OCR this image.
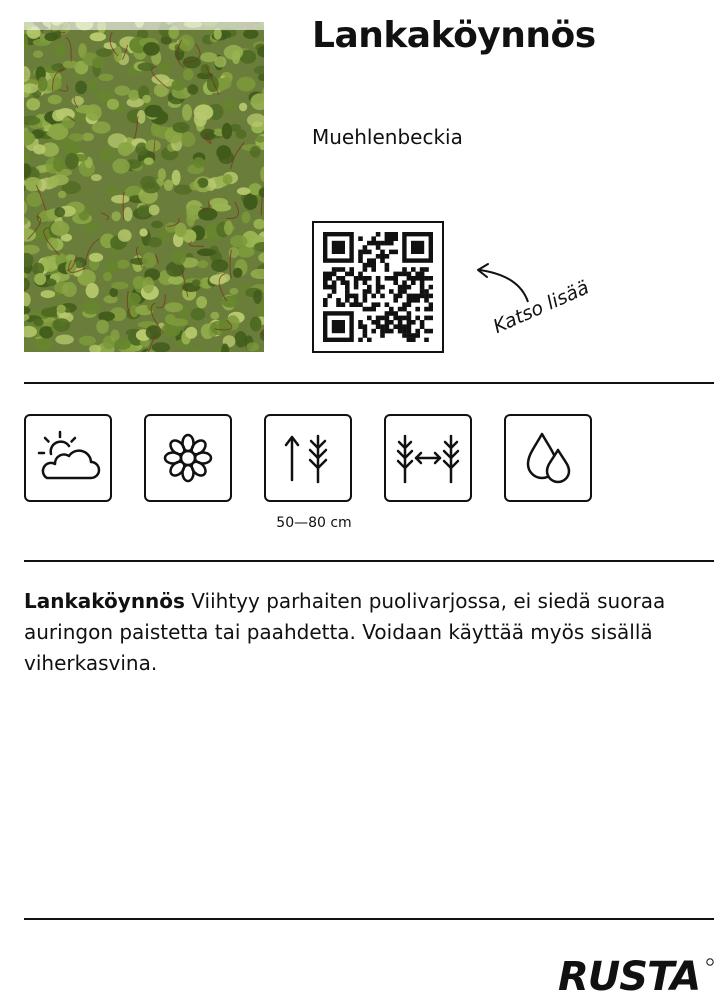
Lankaköynnös
Muehlenbeckia
Katso lisää
50—80 cm

Lankaköynnös Viihtyy parhaiten puolivarjossa, ei siedä suoraa auringon paistetta tai paahdetta. Voidaan käyttää myös sisällä viherkasvina.

RUSTA
